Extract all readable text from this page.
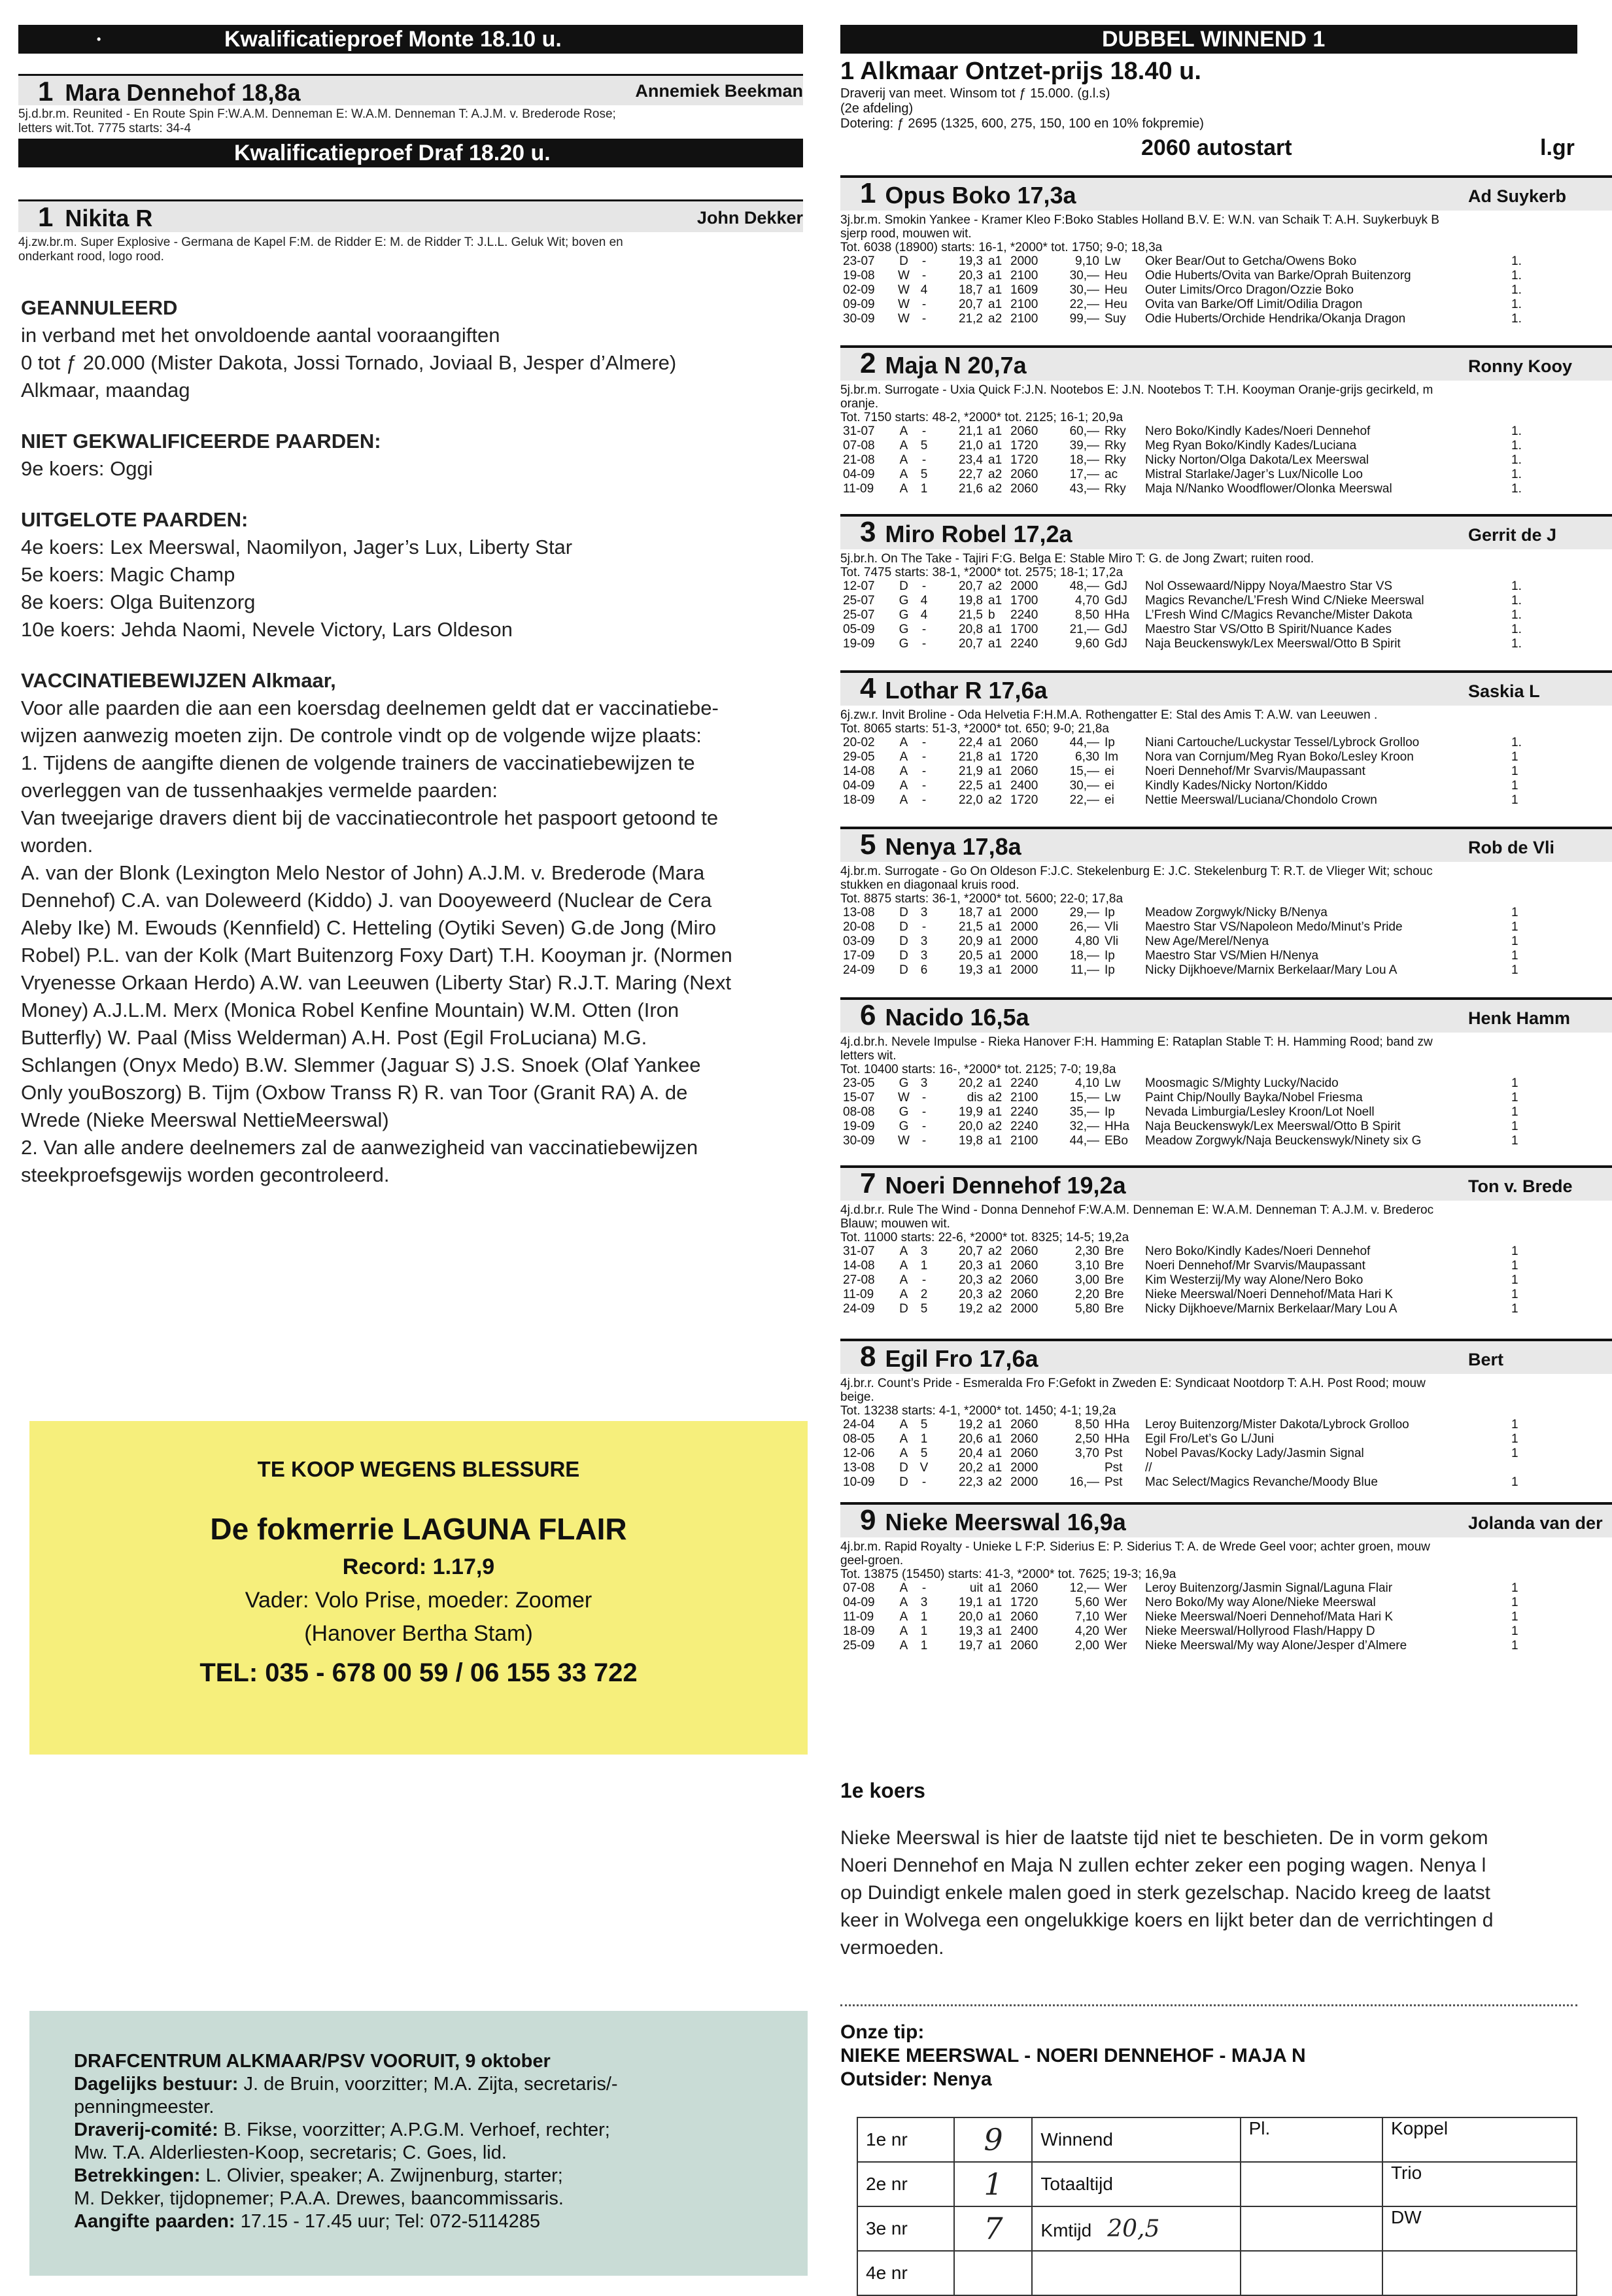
•	Kwalificatieproef Monte 18.10 u.
1 Mara Dennehof 18,8a	Annemiek Beekman
5j.d.br.m. Reunited - En Route Spin F:W.A.M. Denneman E: W.A.M. Denneman T: A.J.M. v. Brederode Rose;
letters wit.Tot. 7775 starts: 34-4
Kwalificatieproef Draf 18.20 u.
1 Nikita R	John Dekker
4j.zw.br.m. Super Explosive - Germana de Kapel F:M. de Ridder E: M. de Ridder T: J.L.L. Geluk Wit; boven en
onderkant rood, logo rood.
GEANNULEERD

in verband met het onvoldoende aantal vooraangiften

0 tot ƒ 20.000 (Mister Dakota, Jossi Tornado, Joviaal B, Jesper d’Almere)

Alkmaar, maandag

NIET GEKWALIFICEERDE PAARDEN:

9e koers: Oggi

UITGELOTE PAARDEN:

4e koers: Lex Meerswal, Naomilyon, Jager’s Lux, Liberty Star

5e koers: Magic Champ

8e koers: Olga Buitenzorg

10e koers: Jehda Naomi, Nevele Victory, Lars Oldeson

VACCINATIEBEWIJZEN Alkmaar,

Voor alle paarden die aan een koersdag deelnemen geldt dat er vaccinatiebe-

wijzen aanwezig moeten zijn. De controle vindt op de volgende wijze plaats:

1. Tijdens de aangifte dienen de volgende trainers de vaccinatiebewijzen te

overleggen van de tussenhaakjes vermelde paarden:

Van tweejarige dravers dient bij de vaccinatiecontrole het paspoort getoond te

worden.

A. van der Blonk (Lexington Melo Nestor of John) A.J.M. v. Brederode (Mara

Dennehof) C.A. van Doleweerd (Kiddo) J. van Dooyeweerd (Nuclear de Cera

Aleby Ike) M. Ewouds (Kennfield) C. Hetteling (Oytiki Seven) G.de Jong (Miro

Robel) P.L. van der Kolk (Mart Buitenzorg Foxy Dart) T.H. Kooyman jr. (Normen

Vryenesse Orkaan Herdo) A.W. van Leeuwen (Liberty Star) R.J.T. Maring (Next

Money) A.J.L.M. Merx (Monica Robel Kenfine Mountain) W.M. Otten (Iron

Butterfly) W. Paal (Miss Welderman) A.H. Post (Egil FroLuciana) M.G.

Schlangen (Onyx Medo) B.W. Slemmer (Jaguar S) J.S. Snoek (Olaf Yankee

Only youBoszorg) B. Tijm (Oxbow Transs R) R. van Toor (Granit RA) A. de

Wrede (Nieke Meerswal NettieMeerswal)

2. Van alle andere deelnemers zal de aanwezigheid van vaccinatiebewijzen

steekproefsgewijs worden gecontroleerd.

TE KOOP WEGENS BLESSURE
De fokmerrie LAGUNA FLAIR
Record: 1.17,9
Vader: Volo Prise, moeder: Zoomer
(Hanover Bertha Stam)
TEL: 035 - 678 00 59 / 06 155 33 722
DRAFCENTRUM ALKMAAR/PSV VOORUIT, 9 oktober
Dagelijks bestuur: J. de Bruin, voorzitter; M.A. Zijta, secretaris/-
penningmeester.
Draverij-comité: B. Fikse, voorzitter; A.P.G.M. Verhoef, rechter;
Mw. T.A. Alderliesten-Koop, secretaris; C. Goes, lid.
Betrekkingen: L. Olivier, speaker; A. Zwijnenburg, starter;
M. Dekker, tijdopnemer; P.A.A. Drewes, baancommissaris.
Aangifte paarden: 17.15 - 17.45 uur; Tel: 072-5114285
DUBBEL WINNEND 1
1 Alkmaar Ontzet-prijs 18.40 u.
Draverij van meet. Winsom tot ƒ 15.000. (g.l.s)
(2e afdeling)
Dotering: ƒ 2695 (1325, 600, 275, 150, 100 en 10% fokpremie)
2060 autostart	l.gr
1 Opus Boko 17,3a	Ad Suykerb
3j.br.m. Smokin Yankee - Kramer Kleo F:Boko Stables Holland B.V. E: W.N. van Schaik T: A.H. Suykerbuyk B
sjerp rood, mouwen wit.
Tot. 6038 (18900) starts: 16-1, *2000* tot. 1750; 9-0; 18,3a
23-07	D	-	19,3	a1	2000	9,10	Lw	Oker Bear/Out to Getcha/Owens Boko	1.
19-08	W	-	20,3	a1	2100	30,—	Heu	Odie Huberts/Ovita van Barke/Oprah Buitenzorg	1.
02-09	W	4	18,7	a1	1609	30,—	Heu	Outer Limits/Orco Dragon/Ozzie Boko	1.
09-09	W	-	20,7	a1	2100	22,—	Heu	Ovita van Barke/Off Limit/Odilia Dragon	1.
30-09	W	-	21,2	a2	2100	99,—	Suy	Odie Huberts/Orchide Hendrika/Okanja Dragon	1.
2 Maja N 20,7a	Ronny Kooy
5j.br.m. Surrogate - Uxia Quick F:J.N. Nootebos E: J.N. Nootebos T: T.H. Kooyman Oranje-grijs gecirkeld, m
oranje.
Tot. 7150 starts: 48-2, *2000* tot. 2125; 16-1; 20,9a
31-07	A	-	21,1	a1	2060	60,—	Rky	Nero Boko/Kindly Kades/Noeri Dennehof	1.
07-08	A	5	21,0	a1	1720	39,—	Rky	Meg Ryan Boko/Kindly Kades/Luciana	1.
21-08	A	-	23,4	a1	1720	18,—	Rky	Nicky Norton/Olga Dakota/Lex Meerswal	1.
04-09	A	5	22,7	a2	2060	17,—	ac	Mistral Starlake/Jager’s Lux/Nicolle Loo	1.
11-09	A	1	21,6	a2	2060	43,—	Rky	Maja N/Nanko Woodflower/Olonka Meerswal	1.
3 Miro Robel 17,2a	Gerrit de J
5j.br.h. On The Take - Tajiri F:G. Belga E: Stable Miro T: G. de Jong Zwart; ruiten rood.
Tot. 7475 starts: 38-1, *2000* tot. 2575; 18-1; 17,2a
12-07	D	-	20,7	a2	2000	48,—	GdJ	Nol Ossewaard/Nippy Noya/Maestro Star VS	1.
25-07	G	4	19,8	a1	1700	4,70	GdJ	Magics Revanche/L’Fresh Wind C/Nieke Meerswal	1.
25-07	G	4	21,5	b	2240	8,50	HHa	L’Fresh Wind C/Magics Revanche/Mister Dakota	1.
05-09	G	-	20,8	a1	1700	21,—	GdJ	Maestro Star VS/Otto B Spirit/Nuance Kades	1.
19-09	G	-	20,7	a1	2240	9,60	GdJ	Naja Beuckenswyk/Lex Meerswal/Otto B Spirit	1.
4 Lothar R 17,6a	Saskia L
6j.zw.r. Invit Broline - Oda Helvetia F:H.M.A. Rothengatter E: Stal des Amis T: A.W. van Leeuwen .
Tot. 8065 starts: 51-3, *2000* tot. 650; 9-0; 21,8a
20-02	A	-	22,4	a1	2060	44,—	Ip	Niani Cartouche/Luckystar Tessel/Lybrock Grolloo	1.
29-05	A	-	21,8	a1	1720	6,30	Im	Nora van Cornjum/Meg Ryan Boko/Lesley Kroon	1
14-08	A	-	21,9	a1	2060	15,—	ei	Noeri Dennehof/Mr Svarvis/Maupassant	1
04-09	A	-	22,5	a1	2400	30,—	ei	Kindly Kades/Nicky Norton/Kiddo	1
18-09	A	-	22,0	a2	1720	22,—	ei	Nettie Meerswal/Luciana/Chondolo Crown	1
5 Nenya 17,8a	Rob de Vli
4j.br.m. Surrogate - Go On Oldeson F:J.C. Stekelenburg E: J.C. Stekelenburg T: R.T. de Vlieger Wit; schouc
stukken en diagonaal kruis rood.
Tot. 8875 starts: 36-1, *2000* tot. 5600; 22-0; 17,8a
13-08	D	3	18,7	a1	2000	29,—	Ip	Meadow Zorgwyk/Nicky B/Nenya	1
20-08	D	-	21,5	a1	2000	26,—	Vli	Maestro Star VS/Napoleon Medo/Minut’s Pride	1
03-09	D	3	20,9	a1	2000	4,80	Vli	New Age/Merel/Nenya	1
17-09	D	3	20,5	a1	2000	18,—	Ip	Maestro Star VS/Mien H/Nenya	1
24-09	D	6	19,3	a1	2000	11,—	Ip	Nicky Dijkhoeve/Marnix Berkelaar/Mary Lou A	1
6 Nacido 16,5a	Henk Hamm
4j.d.br.h. Nevele Impulse - Rieka Hanover F:H. Hamming E: Rataplan Stable T: H. Hamming Rood; band zw
letters wit.
Tot. 10400 starts: 16-, *2000* tot. 2125; 7-0; 19,8a
23-05	G	3	20,2	a1	2240	4,10	Lw	Moosmagic S/Mighty Lucky/Nacido	1
15-07	W	-	dis	a2	2100	15,—	Lw	Paint Chip/Noully Bayka/Nobel Friesma	1
08-08	G	-	19,9	a1	2240	35,—	Ip	Nevada Limburgia/Lesley Kroon/Lot Noell	1
19-09	G	-	20,0	a2	2240	32,—	HHa	Naja Beuckenswyk/Lex Meerswal/Otto B Spirit	1
30-09	W	-	19,8	a1	2100	44,—	EBo	Meadow Zorgwyk/Naja Beuckenswyk/Ninety six G	1
7 Noeri Dennehof 19,2a	Ton v. Brede
4j.d.br.r. Rule The Wind - Donna Dennehof F:W.A.M. Denneman E: W.A.M. Denneman T: A.J.M. v. Brederoc
Blauw; mouwen wit.
Tot. 11000 starts: 22-6, *2000* tot. 8325; 14-5; 19,2a
31-07	A	3	20,7	a2	2060	2,30	Bre	Nero Boko/Kindly Kades/Noeri Dennehof	1
14-08	A	1	20,3	a1	2060	3,10	Bre	Noeri Dennehof/Mr Svarvis/Maupassant	1
27-08	A	-	20,3	a2	2060	3,00	Bre	Kim Westerzij/My way Alone/Nero Boko	1
11-09	A	2	20,3	a2	2060	2,20	Bre	Nieke Meerswal/Noeri Dennehof/Mata Hari K	1
24-09	D	5	19,2	a2	2000	5,80	Bre	Nicky Dijkhoeve/Marnix Berkelaar/Mary Lou A	1
8 Egil Fro 17,6a	Bert
4j.br.r. Count’s Pride - Esmeralda Fro F:Gefokt in Zweden E: Syndicaat Nootdorp T: A.H. Post Rood; mouw
beige.
Tot. 13238 starts: 4-1, *2000* tot. 1450; 4-1; 19,2a
24-04	A	5	19,2	a1	2060	8,50	HHa	Leroy Buitenzorg/Mister Dakota/Lybrock Grolloo	1
08-05	A	1	20,6	a1	2060	2,50	HHa	Egil Fro/Let’s Go L/Juni	1
12-06	A	5	20,4	a1	2060	3,70	Pst	Nobel Pavas/Kocky Lady/Jasmin Signal	1
13-08	D	V	20,2	a1	2000		Pst	//	
10-09	D	-	22,3	a2	2000	16,—	Pst	Mac Select/Magics Revanche/Moody Blue	1
9 Nieke Meerswal 16,9a	Jolanda van der
4j.br.m. Rapid Royalty - Unieke L F:P. Siderius E: P. Siderius T: A. de Wrede Geel voor; achter groen, mouw
geel-groen.
Tot. 13875 (15450) starts: 41-3, *2000* tot. 7625; 19-3; 16,9a
07-08	A	-	uit	a1	2060	12,—	Wer	Leroy Buitenzorg/Jasmin Signal/Laguna Flair	1
04-09	A	3	19,1	a1	1720	5,60	Wer	Nero Boko/My way Alone/Nieke Meerswal	1
11-09	A	1	20,0	a1	2060	7,10	Wer	Nieke Meerswal/Noeri Dennehof/Mata Hari K	1
18-09	A	1	19,3	a1	2400	4,20	Wer	Nieke Meerswal/Hollyrood Flash/Happy D	1
25-09	A	1	19,7	a1	2060	2,00	Wer	Nieke Meerswal/My way Alone/Jesper d’Almere	1
1e koers

Nieke Meerswal is hier de laatste tijd niet te beschieten. De in vorm gekom

Noeri Dennehof en Maja N zullen echter zeker een poging wagen. Nenya l

op Duindigt enkele malen goed in sterk gezelschap. Nacido kreeg de laatst

keer in Wolvega een ongelukkige koers en lijkt beter dan de verrichtingen d

vermoeden.

Onze tip:
NIEKE MEERSWAL - NOERI DENNEHOF - MAJA N
Outsider: Nenya
1e nr	9	Winnend	Pl.	Koppel
2e nr	1	Totaaltijd		Trio
3e nr	7	Kmtijd 20,5		DW
4e nr				
